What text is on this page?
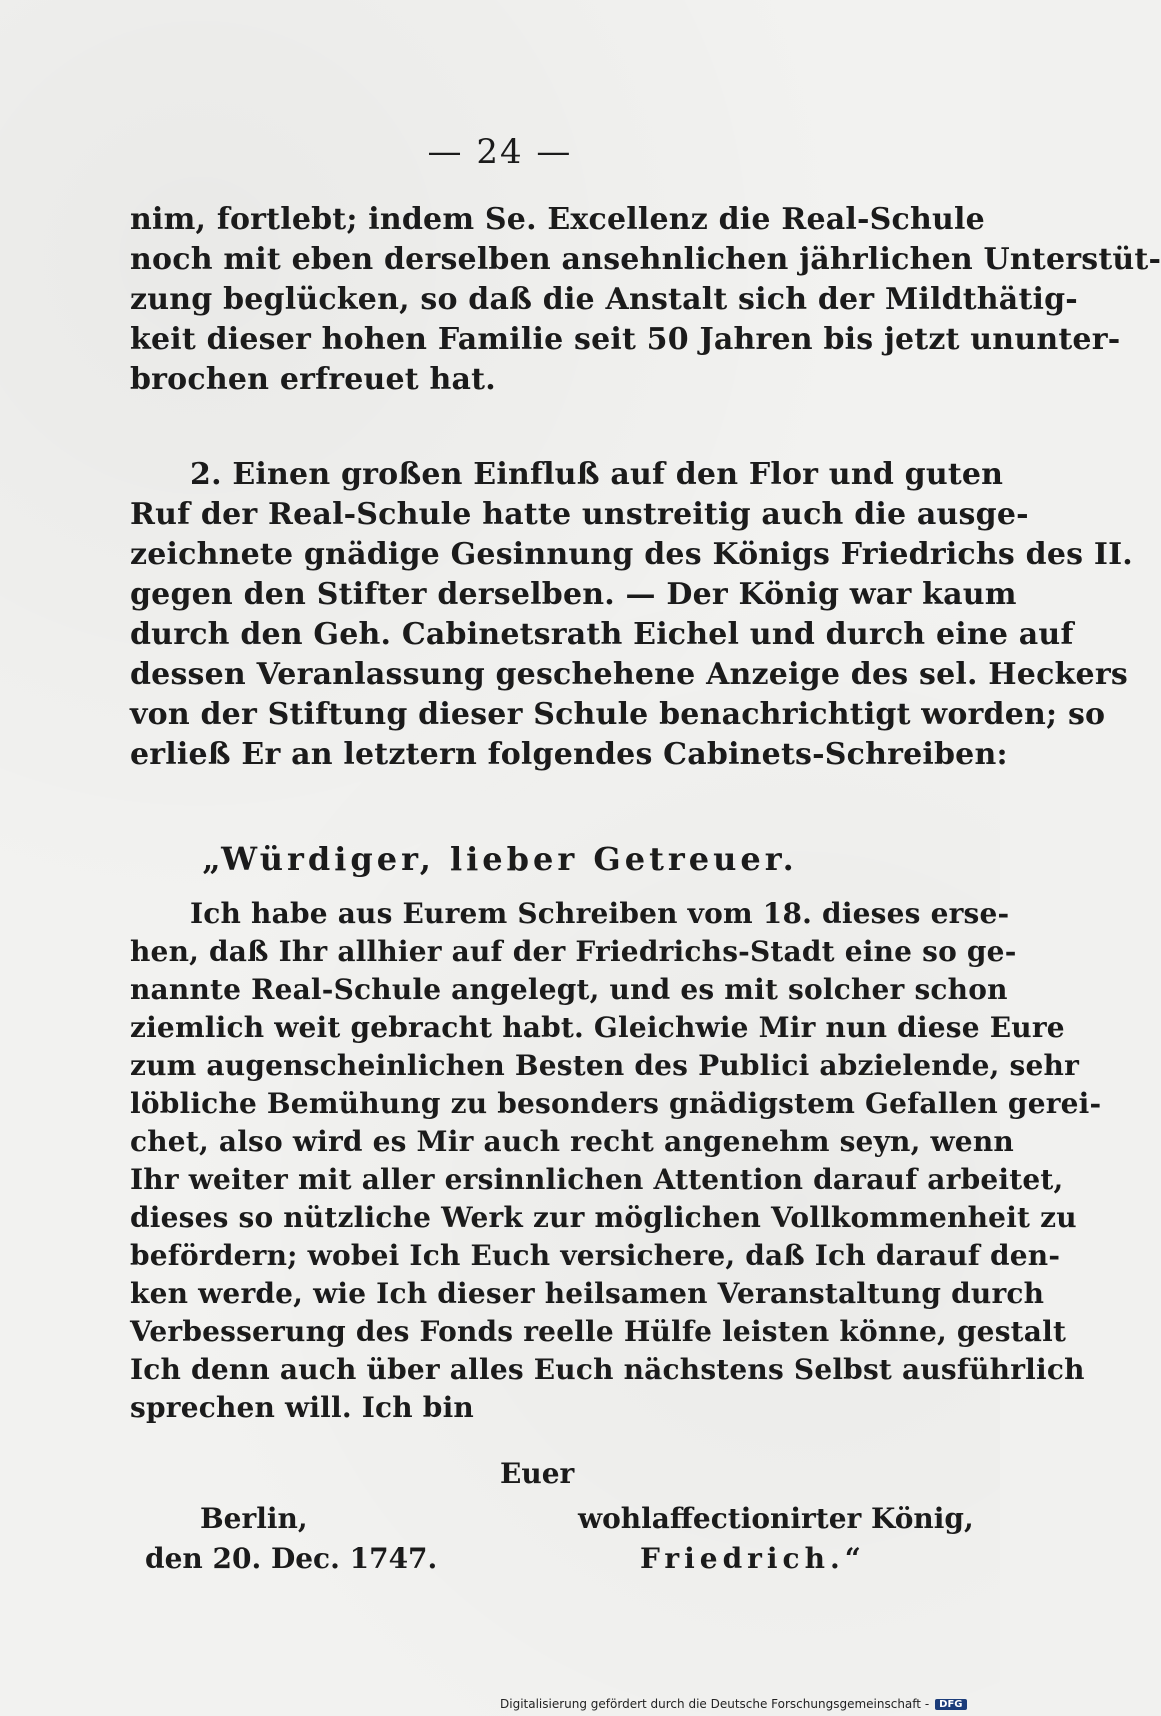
— 24 —
nim, fortlebt; indem Se. Excellenz die Real-Schule
noch mit eben derselben ansehnlichen jährlichen Unterstüt-
zung beglücken, so daß die Anstalt sich der Mildthätig-
keit dieser hohen Familie seit 50 Jahren bis jetzt ununter-
brochen erfreuet hat.
2. Einen großen Einfluß auf den Flor und guten
Ruf der Real-Schule hatte unstreitig auch die ausge-
zeichnete gnädige Gesinnung des Königs Friedrichs des II.
gegen den Stifter derselben. — Der König war kaum
durch den Geh. Cabinetsrath Eichel und durch eine auf
dessen Veranlassung geschehene Anzeige des sel. Heckers
von der Stiftung dieser Schule benachrichtigt worden; so
erließ Er an letztern folgendes Cabinets-Schreiben:
„Würdiger, lieber Getreuer.
Ich habe aus Eurem Schreiben vom 18. dieses erse-
hen, daß Ihr allhier auf der Friedrichs-Stadt eine so ge-
nannte Real-Schule angelegt, und es mit solcher schon
ziemlich weit gebracht habt. Gleichwie Mir nun diese Eure
zum augenscheinlichen Besten des Publici abzielende, sehr
löbliche Bemühung zu besonders gnädigstem Gefallen gerei-
chet, also wird es Mir auch recht angenehm seyn, wenn
Ihr weiter mit aller ersinnlichen Attention darauf arbeitet,
dieses so nützliche Werk zur möglichen Vollkommenheit zu
befördern; wobei Ich Euch versichere, daß Ich darauf den-
ken werde, wie Ich dieser heilsamen Veranstaltung durch
Verbesserung des Fonds reelle Hülfe leisten könne, gestalt
Ich denn auch über alles Euch nächstens Selbst ausführlich
sprechen will. Ich bin
Euer
Berlin,
den 20. Dec. 1747.
wohlaffectionirter König,
Friedrich.“
Digitalisierung gefördert durch die Deutsche Forschungsgemeinschaft - DFG
